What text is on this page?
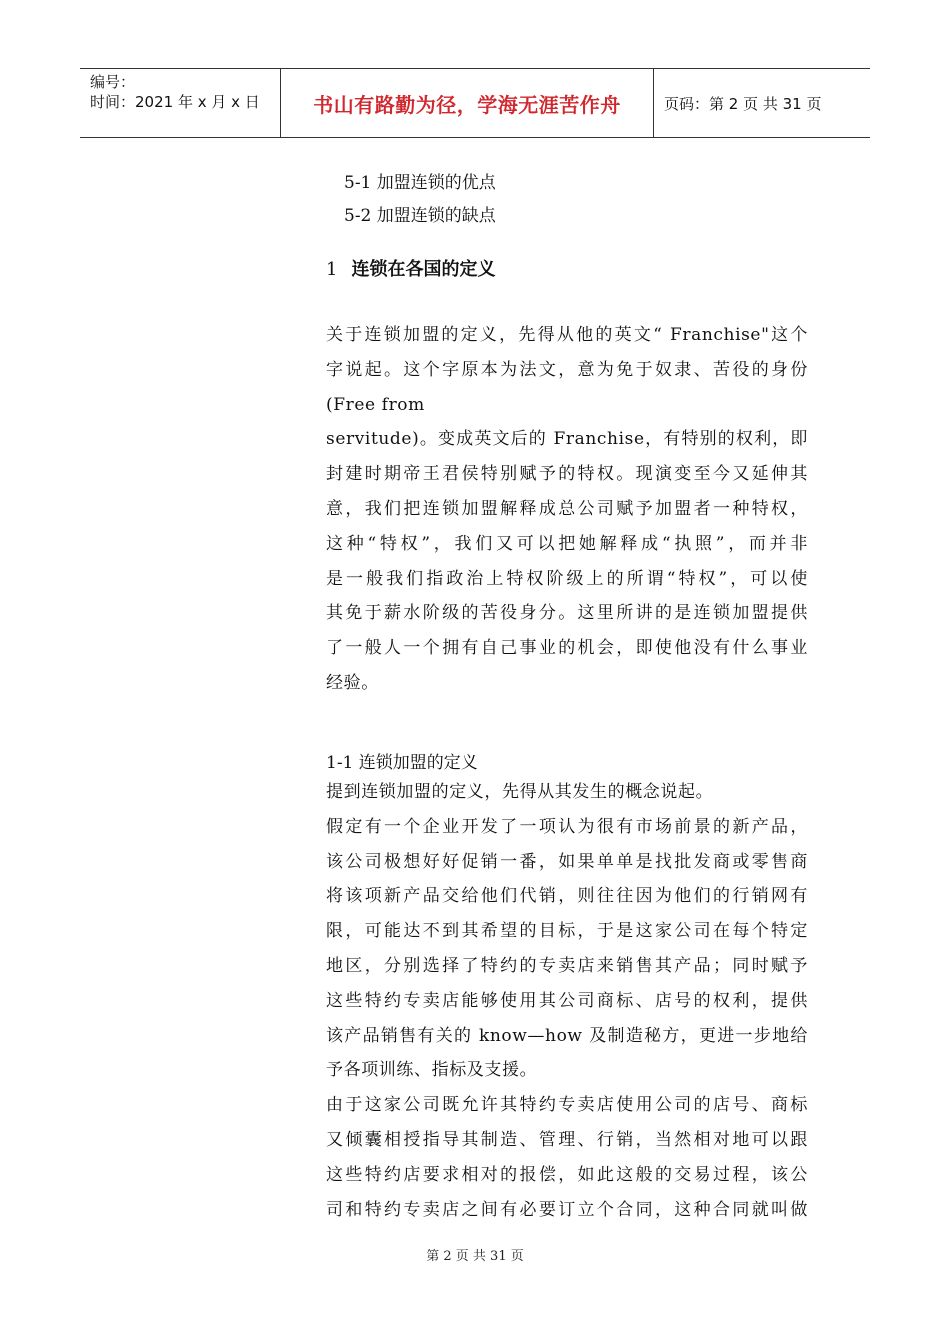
编号：
时间：2021 年 x 月 x 日	书山有路勤为径，学海无涯苦作舟	页码：第 2 页 共 31 页
5-1 加盟连锁的优点
5-2 加盟连锁的缺点
1 连锁在各国的定义
关于连锁加盟的定义，先得从他的英文“ Franchise"这个
字说起。这个字原本为法文，意为免于奴隶、苦役的身份
(Free from
servitude)。变成英文后的 Franchise，有特别的权利，即
封建时期帝王君侯特别赋予的特权。现演变至今又延伸其
意，我们把连锁加盟解释成总公司赋予加盟者一种特权，
这种“特权”，我们又可以把她解释成“执照”，而并非
是一般我们指政治上特权阶级上的所谓“特权”，可以使
其免于薪水阶级的苦役身分。这里所讲的是连锁加盟提供
了一般人一个拥有自己事业的机会，即使他没有什么事业
经验。
1-1 连锁加盟的定义
提到连锁加盟的定义，先得从其发生的概念说起。
假定有一个企业开发了一项认为很有市场前景的新产品，
该公司极想好好促销一番，如果单单是找批发商或零售商
将该项新产品交给他们代销，则往往因为他们的行销网有
限，可能达不到其希望的目标，于是这家公司在每个特定
地区，分别选择了特约的专卖店来销售其产品；同时赋予
这些特约专卖店能够使用其公司商标、店号的权利，提供
该产品销售有关的 know—how 及制造秘方，更进一步地给
予各项训练、指标及支援。
由于这家公司既允许其特约专卖店使用公司的店号、商标
又倾囊相授指导其制造、管理、行销，当然相对地可以跟
这些特约店要求相对的报偿，如此这般的交易过程，该公
司和特约专卖店之间有必要订立个合同，这种合同就叫做
第 2 页 共 31 页
